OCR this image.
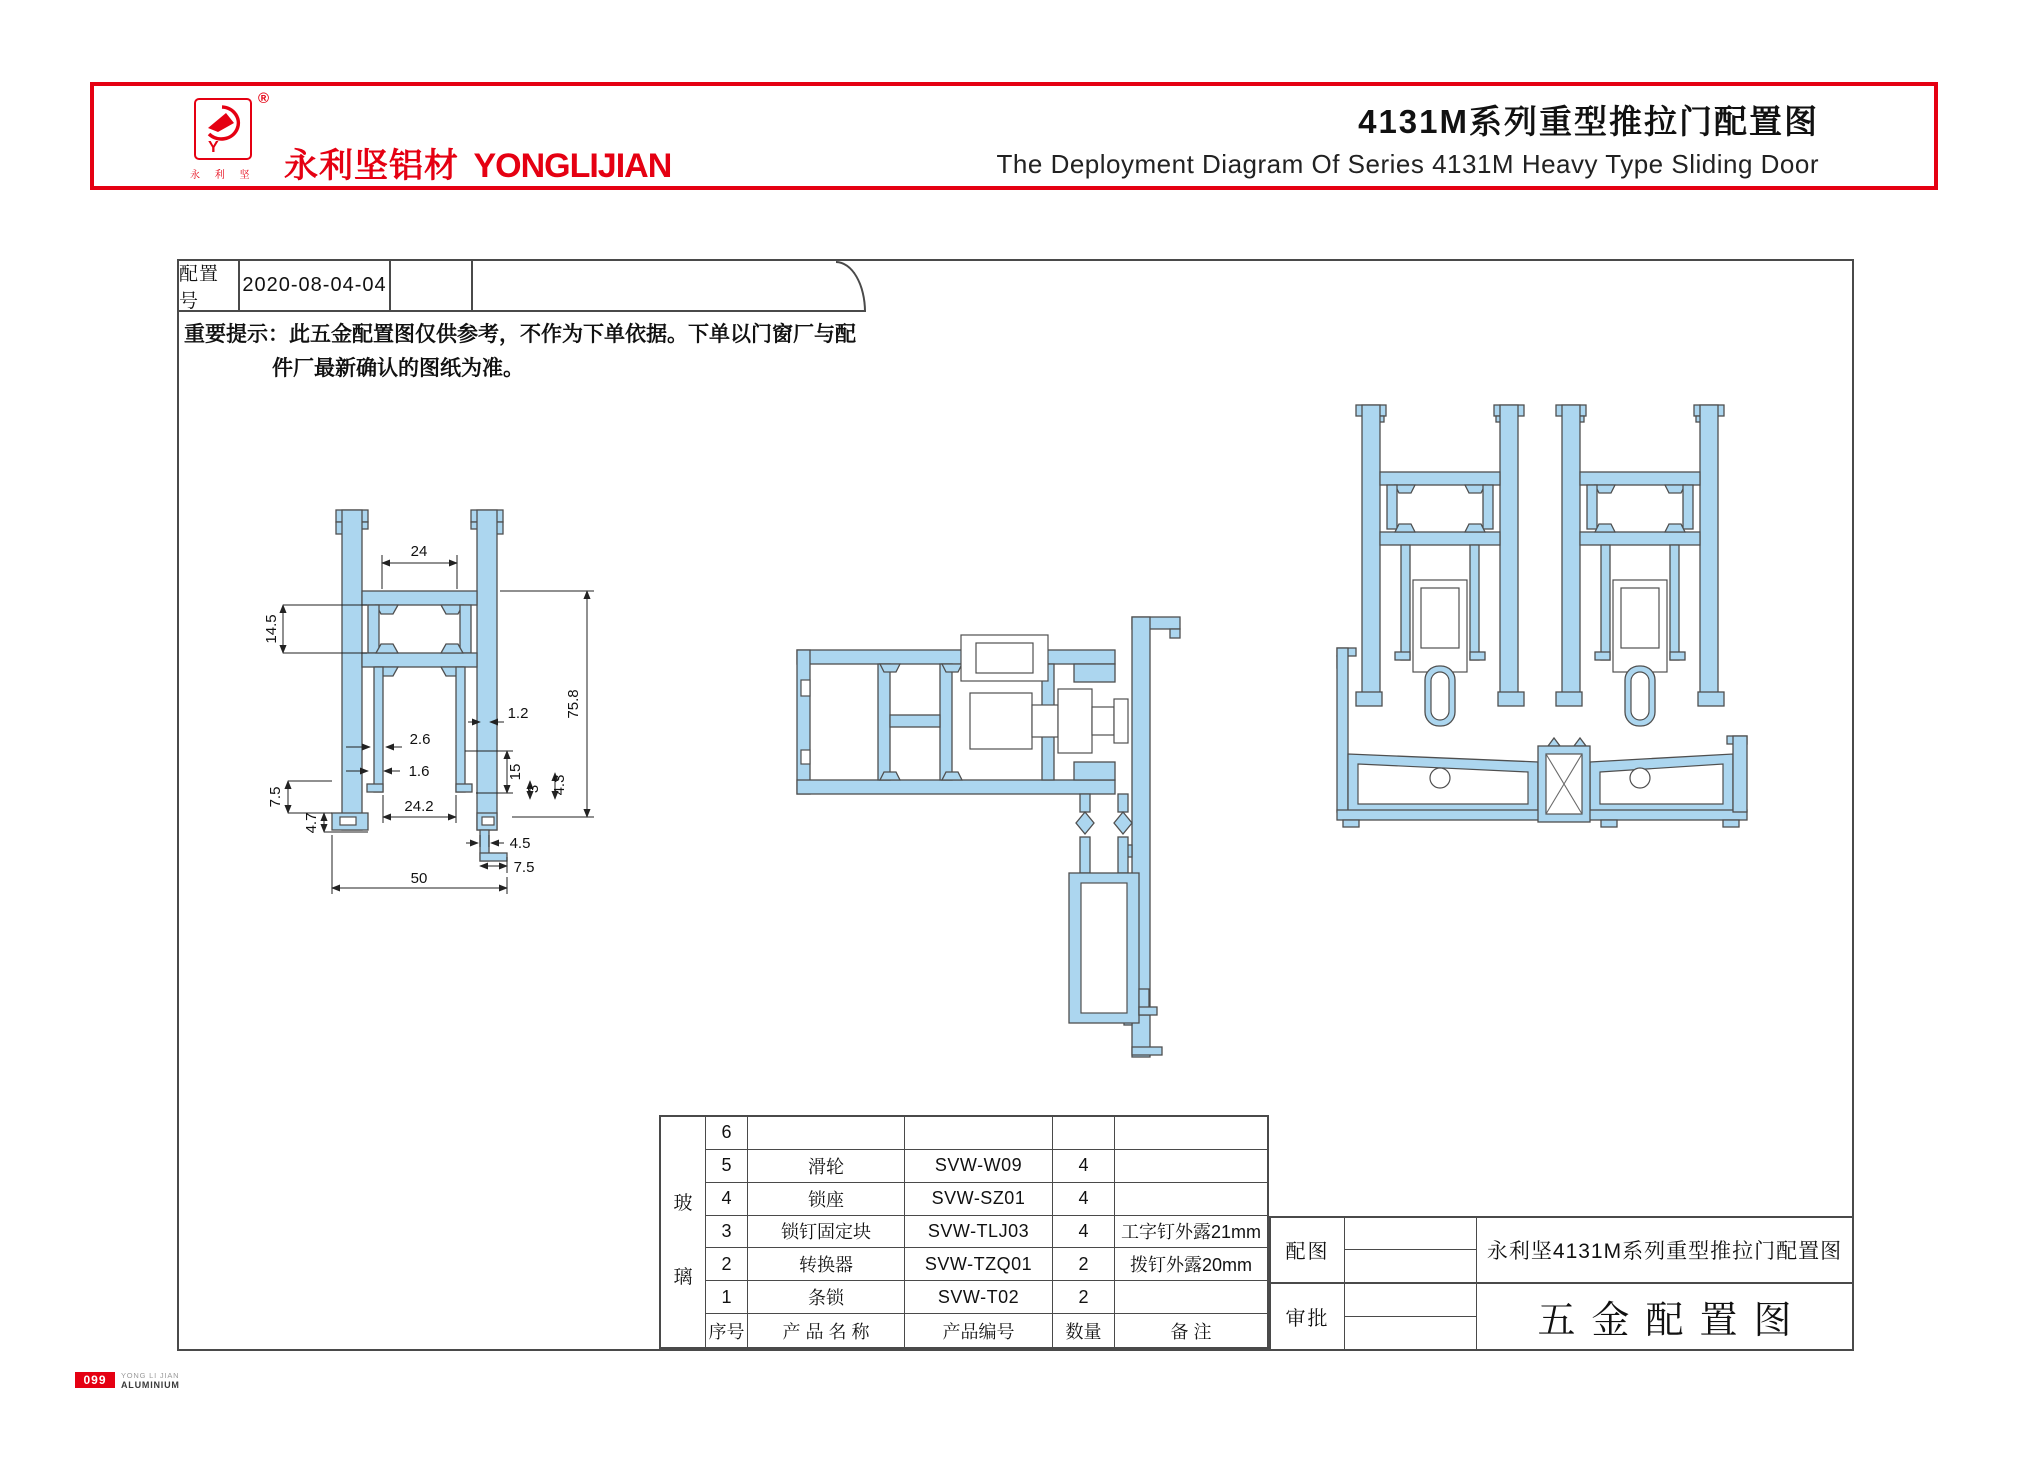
Y
®
永 利 坚 永利坚铝材 YONGLIJIAN
4131M系列重型推拉门配置图
The Deployment Diagram Of Series 4131M Heavy Type Sliding Door
配置号
2020-08-04-04
重要提示：此五金配置图仅供参考，不作为下单依据。下单以门窗厂与配
件厂最新确认的图纸为准。
24
14.5
75.8
1.2
2.6
1.6	15
3 4.3
7.5
4.7
24.2
4.5
7.5
50
玻
璃
6
5	滑轮	SVW-W09	4
4	锁座	SVW-SZ01	4
3	锁钉固定块	SVW-TLJ03	4	工字钉外露21mm
2	转换器	SVW-TZQ01	2	拨钉外露20mm
1	条锁	SVW-T02	2
序号	产 品 名 称	产品编号	数量	备 注
配图	永利坚4131M系列重型推拉门配置图
审批	五金配置图
099	YONG LI JIAN
ALUMINIUM
